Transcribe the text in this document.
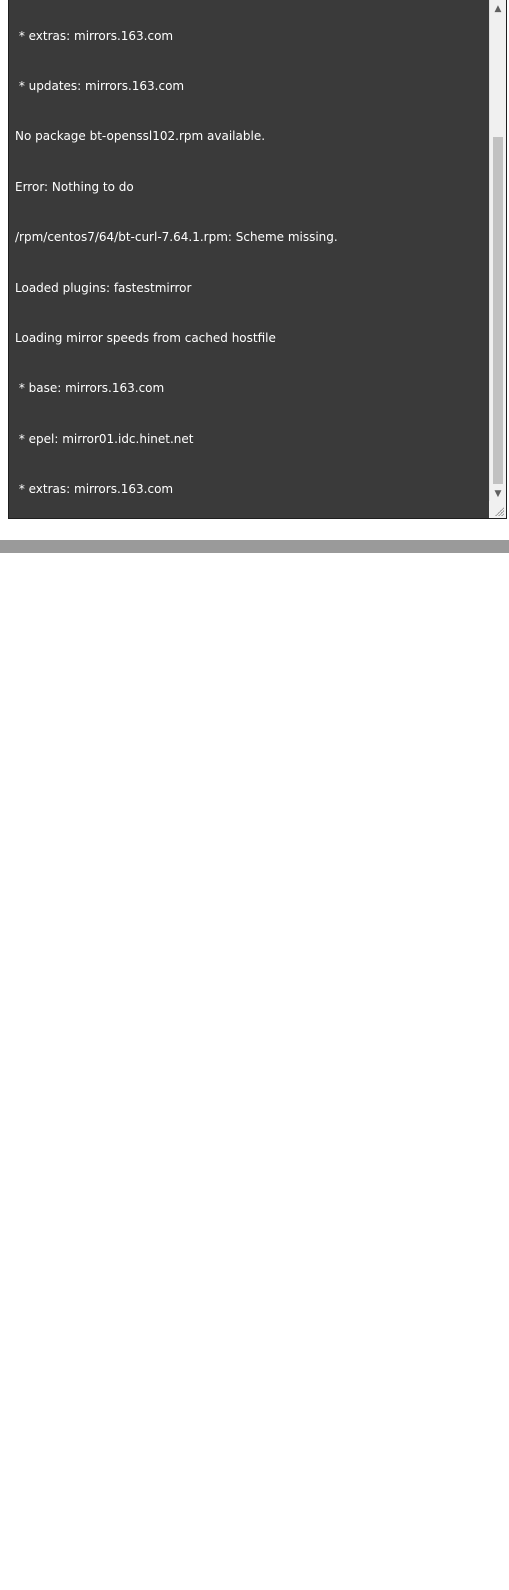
* extras: mirrors.163.com

* updates: mirrors.163.com

No package bt-openssl102.rpm available.

Error: Nothing to do

/rpm/centos7/64/bt-curl-7.64.1.rpm: Scheme missing.

Loaded plugins: fastestmirror

Loading mirror speeds from cached hostfile

* base: mirrors.163.com

* epel: mirror01.idc.hinet.net

* extras: mirrors.163.com

No package bt-curl-7.64.1.rpm available.

Error: Nothing to do

/rpm/centos7/64/bt-mhash-0.9.9.9.rpm: Scheme missing.

error: open of bt-mhash-0.9.9.9.rpm failed: No such file or directory

/rpm/centos7/64/bt-libmcrypt-2.5.8.rpm: Scheme missing.

error: open of bt-libmcrypt-2.5.8.rpm failed: No such file or directory

ln: failed to create symbolic link   '/usr/lib/libltdl.so.3' : File exists

/rpm/centos7/64/bt-mcrypt-2.6.8.rpm: Scheme missing.

error: open of bt-mcrypt-2.6.8.rpm failed: No such file or directory

/src/libiconv-1.14.tar.gz: Scheme missing.

mkdir: cannot create directory   '/patch' : File exists

/src/patch/libiconv-glibc-2.16.patch: Scheme missing.

gzip: stdin: unexpected end of file

tar: Child returned status 1

tar: Error is not recoverable: exiting now

lib.sh: line 97: cd: libiconv-1.14: No such file or directory

lib.sh: line 99: ./configure: No such file or directory

make: *** No targets specified and no makefile found.  Stop.

make: *** No rule to make target `install'.  Stop.

▲
▼
